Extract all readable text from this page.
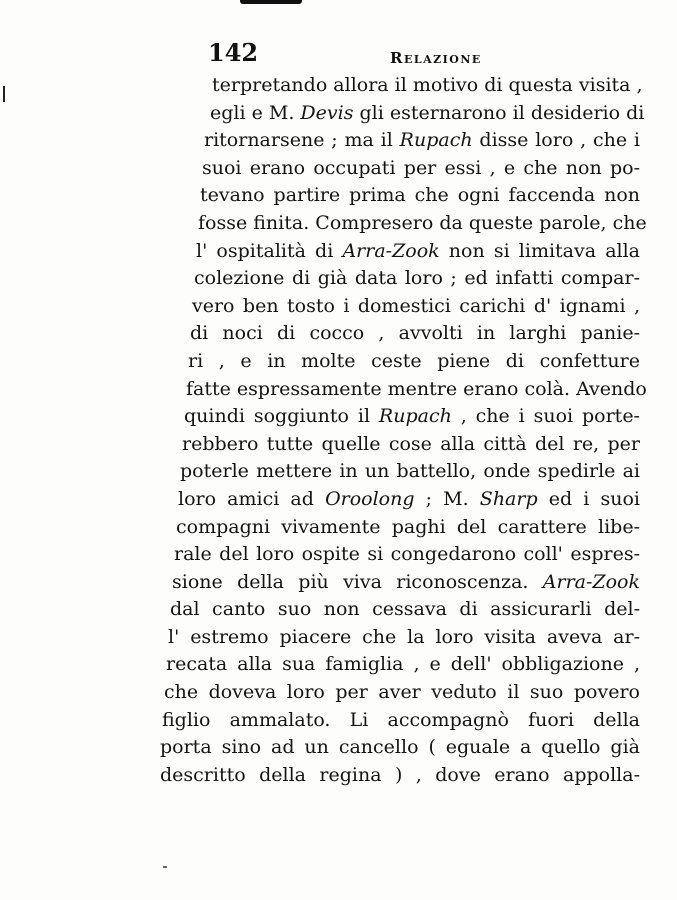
142	Relazione
terpretando allora il motivo di questa visita ,
egli e M. Devis gli esternarono il desiderio di
ritornarsene ; ma il Rupach disse loro , che i
suoi erano occupati per essi , e che non po-
tevano partire prima che ogni faccenda non
fosse finita. Compresero da queste parole, che
l' ospitalità di Arra-Zook non si limitava alla
colezione di già data loro ; ed infatti compar-
vero ben tosto i domestici carichi d' ignami ,
di noci di cocco , avvolti in larghi panie-
ri , e in molte ceste piene di confetture
fatte espressamente mentre erano colà. Avendo
quindi soggiunto il Rupach , che i suoi porte-
rebbero tutte quelle cose alla città del re, per
poterle mettere in un battello, onde spedirle ai
loro amici ad Oroolong ; M. Sharp ed i suoi
compagni vivamente paghi del carattere libe-
rale del loro ospite si congedarono coll' espres-
sione della più viva riconoscenza. Arra-Zook
dal canto suo non cessava di assicurarli del-
l' estremo piacere che la loro visita aveva ar-
recata alla sua famiglia , e dell' obbligazione ,
che doveva loro per aver veduto il suo povero
figlio ammalato. Li accompagnò fuori della
porta sino ad un cancello ( eguale a quello già
descritto della regina ) , dove erano appolla-
